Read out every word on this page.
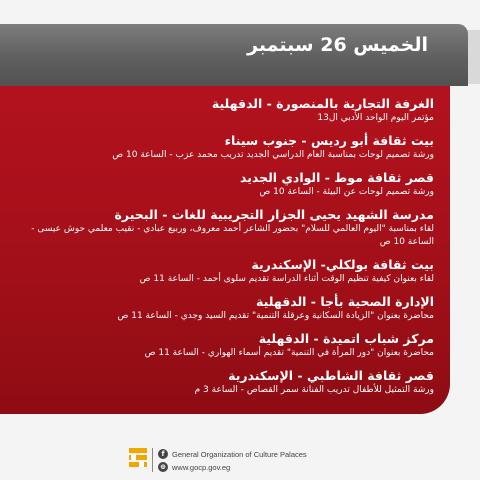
الخميس 26 سبتمبر
الغرفة التجارية بالمنصورة - الدقهلية
مؤتمر اليوم الواحد الأدبي ال13
بيت ثقافة أبو رديس - جنوب سيناء
ورشة تصميم لوحات بمناسبة العام الدراسي الجديد تدريب محمد عزب - الساعة 10 ص
قصر ثقافة موط - الوادي الجديد
ورشة تصميم لوحات عن البيئة - الساعة 10 ص
مدرسة الشهيد يحيى الجزار التجريبية للغات - البحيرة
لقاء بمناسبة "اليوم العالمي للسلام" بحضور الشاعر أحمد معروف، وربيع عبادي - نقيب معلمي حوش عيسى - الساعة 10 ص
بيت ثقافة بولكلي- الإسكندرية
لقاء بعنوان كيفية تنظيم الوقت أثناء الدراسة تقديم سلوى أحمد - الساعة 11 ص
الإدارة الصحية بأجا - الدقهلية
محاضرة بعنوان "الزيادة السكانية وعرقلة التنمية" تقديم السيد وجدي - الساعة 11 ص
مركز شباب اتميدة - الدقهلية
محاضرة بعنوان "دور المرأة في التنمية" تقديم أسماء الهواري - الساعة 11 ص
قصر ثقافة الشاطبي - الإسكندرية
ورشة التمثيل للأطفال تدريب الفنانة سمر القصاص - الساعة 3 م
f General Organization of Culture Palaces
⊕ www.gocp.gov.eg
